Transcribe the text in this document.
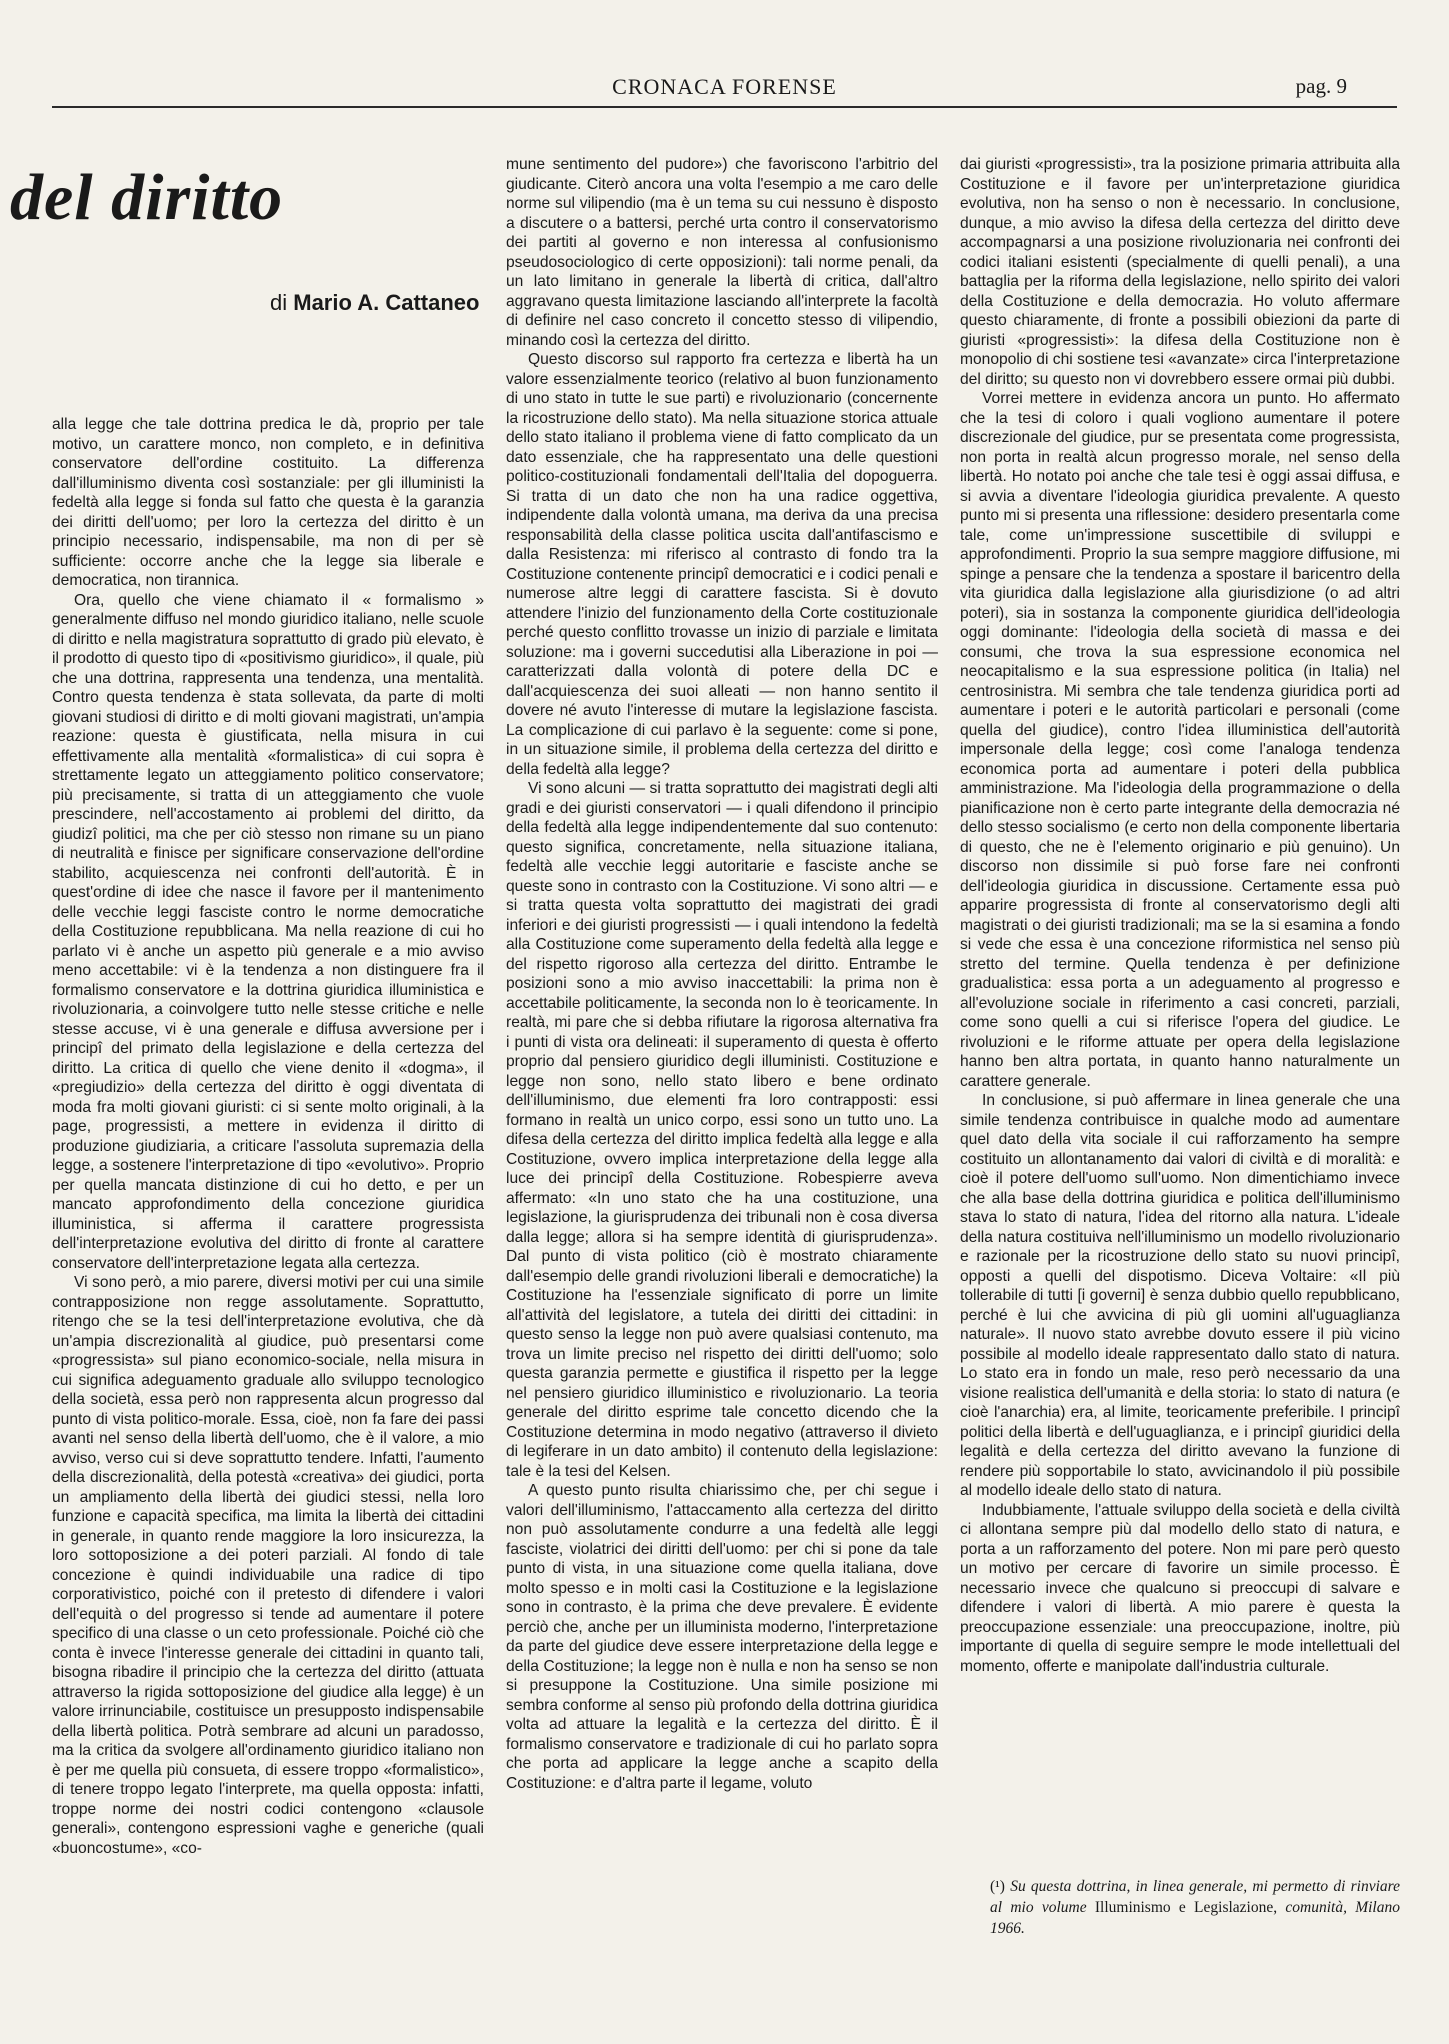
CRONACA FORENSE	pag. 9
del diritto
di Mario A. Cattaneo

alla legge che tale dottrina predica le dà, proprio per tale motivo, un carattere monco, non completo, e in definitiva conservatore dell'ordine costituito. La differenza dall'illuminismo diventa così sostanziale: per gli illuministi la fedeltà alla legge si fonda sul fatto che questa è la garanzia dei diritti dell'uomo; per loro la certezza del diritto è un principio necessario, indispensabile, ma non di per sè sufficiente: occorre anche che la legge sia liberale e democratica, non tirannica.

Ora, quello che viene chiamato il « formalismo » generalmente diffuso nel mondo giuridico italiano, nelle scuole di diritto e nella magistratura soprattutto di grado più elevato, è il prodotto di questo tipo di «positivismo giuridico», il quale, più che una dottrina, rappresenta una tendenza, una mentalità. Contro questa tendenza è stata sollevata, da parte di molti giovani studiosi di diritto e di molti giovani magistrati, un'ampia reazione: questa è giustificata, nella misura in cui effettivamente alla mentalità «formalistica» di cui sopra è strettamente legato un atteggiamento politico conservatore; più precisamente, si tratta di un atteggiamento che vuole prescindere, nell'accostamento ai problemi del diritto, da giudizî politici, ma che per ciò stesso non rimane su un piano di neutralità e finisce per significare conservazione dell'ordine stabilito, acquiescenza nei confronti dell'autorità. È in quest'ordine di idee che nasce il favore per il mantenimento delle vecchie leggi fasciste contro le norme democratiche della Costituzione repubblicana. Ma nella reazione di cui ho parlato vi è anche un aspetto più generale e a mio avviso meno accettabile: vi è la tendenza a non distinguere fra il formalismo conservatore e la dottrina giuridica illuministica e rivoluzionaria, a coinvolgere tutto nelle stesse critiche e nelle stesse accuse, vi è una generale e diffusa avversione per i principî del primato della legislazione e della certezza del diritto. La critica di quello che viene denito il «dogma», il «pregiudizio» della certezza del diritto è oggi diventata di moda fra molti giovani giuristi: ci si sente molto originali, à la page, progressisti, a mettere in evidenza il diritto di produzione giudiziaria, a criticare l'assoluta supremazia della legge, a sostenere l'interpretazione di tipo «evolutivo». Proprio per quella mancata distinzione di cui ho detto, e per un mancato approfondimento della concezione giuridica illuministica, si afferma il carattere progressista dell'interpretazione evolutiva del diritto di fronte al carattere conservatore dell'interpretazione legata alla certezza.

Vi sono però, a mio parere, diversi motivi per cui una simile contrapposizione non regge assolutamente. Soprattutto, ritengo che se la tesi dell'interpretazione evolutiva, che dà un'ampia discrezionalità al giudice, può presentarsi come «progressista» sul piano economico-sociale, nella misura in cui significa adeguamento graduale allo sviluppo tecnologico della società, essa però non rappresenta alcun progresso dal punto di vista politico-morale. Essa, cioè, non fa fare dei passi avanti nel senso della libertà dell'uomo, che è il valore, a mio avviso, verso cui si deve soprattutto tendere. Infatti, l'aumento della discrezionalità, della potestà «creativa» dei giudici, porta un ampliamento della libertà dei giudici stessi, nella loro funzione e capacità specifica, ma limita la libertà dei cittadini in generale, in quanto rende maggiore la loro insicurezza, la loro sottoposizione a dei poteri parziali. Al fondo di tale concezione è quindi individuabile una radice di tipo corporativistico, poiché con il pretesto di difendere i valori dell'equità o del progresso si tende ad aumentare il potere specifico di una classe o un ceto professionale. Poiché ciò che conta è invece l'interesse generale dei cittadini in quanto tali, bisogna ribadire il principio che la certezza del diritto (attuata attraverso la rigida sottoposizione del giudice alla legge) è un valore irrinunciabile, costituisce un presupposto indispensabile della libertà politica. Potrà sembrare ad alcuni un paradosso, ma la critica da svolgere all'ordinamento giuridico italiano non è per me quella più consueta, di essere troppo «formalistico», di tenere troppo legato l'interprete, ma quella opposta: infatti, troppe norme dei nostri codici contengono «clausole generali», contengono espressioni vaghe e generiche (quali «buoncostume», «co-

mune sentimento del pudore») che favoriscono l'arbitrio del giudicante. Citerò ancora una volta l'esempio a me caro delle norme sul vilipendio (ma è un tema su cui nessuno è disposto a discutere o a battersi, perché urta contro il conservatorismo dei partiti al governo e non interessa al confusionismo pseudosociologico di certe opposizioni): tali norme penali, da un lato limitano in generale la libertà di critica, dall'altro aggravano questa limitazione lasciando all'interprete la facoltà di definire nel caso concreto il concetto stesso di vilipendio, minando così la certezza del diritto.

Questo discorso sul rapporto fra certezza e libertà ha un valore essenzialmente teorico (relativo al buon funzionamento di uno stato in tutte le sue parti) e rivoluzionario (concernente la ricostruzione dello stato). Ma nella situazione storica attuale dello stato italiano il problema viene di fatto complicato da un dato essenziale, che ha rappresentato una delle questioni politico-costituzionali fondamentali dell'Italia del dopoguerra. Si tratta di un dato che non ha una radice oggettiva, indipendente dalla volontà umana, ma deriva da una precisa responsabilità della classe politica uscita dall'antifascismo e dalla Resistenza: mi riferisco al contrasto di fondo tra la Costituzione contenente principî democratici e i codici penali e numerose altre leggi di carattere fascista. Si è dovuto attendere l'inizio del funzionamento della Corte costituzionale perché questo conflitto trovasse un inizio di parziale e limitata soluzione: ma i governi succedutisi alla Liberazione in poi — caratterizzati dalla volontà di potere della DC e dall'acquiescenza dei suoi alleati — non hanno sentito il dovere né avuto l'interesse di mutare la legislazione fascista. La complicazione di cui parlavo è la seguente: come si pone, in un situazione simile, il problema della certezza del diritto e della fedeltà alla legge?

Vi sono alcuni — si tratta soprattutto dei magistrati degli alti gradi e dei giuristi conservatori — i quali difendono il principio della fedeltà alla legge indipendentemente dal suo contenuto: questo significa, concretamente, nella situazione italiana, fedeltà alle vecchie leggi autoritarie e fasciste anche se queste sono in contrasto con la Costituzione. Vi sono altri — e si tratta questa volta soprattutto dei magistrati dei gradi inferiori e dei giuristi progressisti — i quali intendono la fedeltà alla Costituzione come superamento della fedeltà alla legge e del rispetto rigoroso alla certezza del diritto. Entrambe le posizioni sono a mio avviso inaccettabili: la prima non è accettabile politicamente, la seconda non lo è teoricamente. In realtà, mi pare che si debba rifiutare la rigorosa alternativa fra i punti di vista ora delineati: il superamento di questa è offerto proprio dal pensiero giuridico degli illuministi. Costituzione e legge non sono, nello stato libero e bene ordinato dell'illuminismo, due elementi fra loro contrapposti: essi formano in realtà un unico corpo, essi sono un tutto uno. La difesa della certezza del diritto implica fedeltà alla legge e alla Costituzione, ovvero implica interpretazione della legge alla luce dei principî della Costituzione. Robespierre aveva affermato: «In uno stato che ha una costituzione, una legislazione, la giurisprudenza dei tribunali non è cosa diversa dalla legge; allora si ha sempre identità di giurisprudenza». Dal punto di vista politico (ciò è mostrato chiaramente dall'esempio delle grandi rivoluzioni liberali e democratiche) la Costituzione ha l'essenziale significato di porre un limite all'attività del legislatore, a tutela dei diritti dei cittadini: in questo senso la legge non può avere qualsiasi contenuto, ma trova un limite preciso nel rispetto dei diritti dell'uomo; solo questa garanzia permette e giustifica il rispetto per la legge nel pensiero giuridico illuministico e rivoluzionario. La teoria generale del diritto esprime tale concetto dicendo che la Costituzione determina in modo negativo (attraverso il divieto di legiferare in un dato ambito) il contenuto della legislazione: tale è la tesi del Kelsen.

A questo punto risulta chiarissimo che, per chi segue i valori dell'illuminismo, l'attaccamento alla certezza del diritto non può assolutamente condurre a una fedeltà alle leggi fasciste, violatrici dei diritti dell'uomo: per chi si pone da tale punto di vista, in una situazione come quella italiana, dove molto spesso e in molti casi la Costituzione e la legislazione sono in contrasto, è la prima che deve prevalere. È evidente perciò che, anche per un illuminista moderno, l'interpretazione da parte del giudice deve essere interpretazione della legge e della Costituzione; la legge non è nulla e non ha senso se non si presuppone la Costituzione. Una simile posizione mi sembra conforme al senso più profondo della dottrina giuridica volta ad attuare la legalità e la certezza del diritto. È il formalismo conservatore e tradizionale di cui ho parlato sopra che porta ad applicare la legge anche a scapito della Costituzione: e d'altra parte il legame, voluto

dai giuristi «progressisti», tra la posizione primaria attribuita alla Costituzione e il favore per un'interpretazione giuridica evolutiva, non ha senso o non è necessario. In conclusione, dunque, a mio avviso la difesa della certezza del diritto deve accompagnarsi a una posizione rivoluzionaria nei confronti dei codici italiani esistenti (specialmente di quelli penali), a una battaglia per la riforma della legislazione, nello spirito dei valori della Costituzione e della democrazia. Ho voluto affermare questo chiaramente, di fronte a possibili obiezioni da parte di giuristi «progressisti»: la difesa della Costituzione non è monopolio di chi sostiene tesi «avanzate» circa l'interpretazione del diritto; su questo non vi dovrebbero essere ormai più dubbi.

Vorrei mettere in evidenza ancora un punto. Ho affermato che la tesi di coloro i quali vogliono aumentare il potere discrezionale del giudice, pur se presentata come progressista, non porta in realtà alcun progresso morale, nel senso della libertà. Ho notato poi anche che tale tesi è oggi assai diffusa, e si avvia a diventare l'ideologia giuridica prevalente. A questo punto mi si presenta una riflessione: desidero presentarla come tale, come un'impressione suscettibile di sviluppi e approfondimenti. Proprio la sua sempre maggiore diffusione, mi spinge a pensare che la tendenza a spostare il baricentro della vita giuridica dalla legislazione alla giurisdizione (o ad altri poteri), sia in sostanza la componente giuridica dell'ideologia oggi dominante: l'ideologia della società di massa e dei consumi, che trova la sua espressione economica nel neocapitalismo e la sua espressione politica (in Italia) nel centrosinistra. Mi sembra che tale tendenza giuridica porti ad aumentare i poteri e le autorità particolari e personali (come quella del giudice), contro l'idea illuministica dell'autorità impersonale della legge; così come l'analoga tendenza economica porta ad aumentare i poteri della pubblica amministrazione. Ma l'ideologia della programmazione o della pianificazione non è certo parte integrante della democrazia né dello stesso socialismo (e certo non della componente libertaria di questo, che ne è l'elemento originario e più genuino). Un discorso non dissimile si può forse fare nei confronti dell'ideologia giuridica in discussione. Certamente essa può apparire progressista di fronte al conservatorismo degli alti magistrati o dei giuristi tradizionali; ma se la si esamina a fondo si vede che essa è una concezione riformistica nel senso più stretto del termine. Quella tendenza è per definizione gradualistica: essa porta a un adeguamento al progresso e all'evoluzione sociale in riferimento a casi concreti, parziali, come sono quelli a cui si riferisce l'opera del giudice. Le rivoluzioni e le riforme attuate per opera della legislazione hanno ben altra portata, in quanto hanno naturalmente un carattere generale.

In conclusione, si può affermare in linea generale che una simile tendenza contribuisce in qualche modo ad aumentare quel dato della vita sociale il cui rafforzamento ha sempre costituito un allontanamento dai valori di civiltà e di moralità: e cioè il potere dell'uomo sull'uomo. Non dimentichiamo invece che alla base della dottrina giuridica e politica dell'illuminismo stava lo stato di natura, l'idea del ritorno alla natura. L'ideale della natura costituiva nell'illuminismo un modello rivoluzionario e razionale per la ricostruzione dello stato su nuovi principî, opposti a quelli del dispotismo. Diceva Voltaire: «Il più tollerabile di tutti [i governi] è senza dubbio quello repubblicano, perché è lui che avvicina di più gli uomini all'uguaglianza naturale». Il nuovo stato avrebbe dovuto essere il più vicino possibile al modello ideale rappresentato dallo stato di natura. Lo stato era in fondo un male, reso però necessario da una visione realistica dell'umanità e della storia: lo stato di natura (e cioè l'anarchia) era, al limite, teoricamente preferibile. I principî politici della libertà e dell'uguaglianza, e i principî giuridici della legalità e della certezza del diritto avevano la funzione di rendere più sopportabile lo stato, avvicinandolo il più possibile al modello ideale dello stato di natura.

Indubbiamente, l'attuale sviluppo della società e della civiltà ci allontana sempre più dal modello dello stato di natura, e porta a un rafforzamento del potere. Non mi pare però questo un motivo per cercare di favorire un simile processo. È necessario invece che qualcuno si preoccupi di salvare e difendere i valori di libertà. A mio parere è questa la preoccupazione essenziale: una preoccupazione, inoltre, più importante di quella di seguire sempre le mode intellettuali del momento, offerte e manipolate dall'industria culturale.

(¹) Su questa dottrina, in linea generale, mi permetto di rinviare al mio volume Illuminismo e Legislazione, comunità, Milano 1966.
